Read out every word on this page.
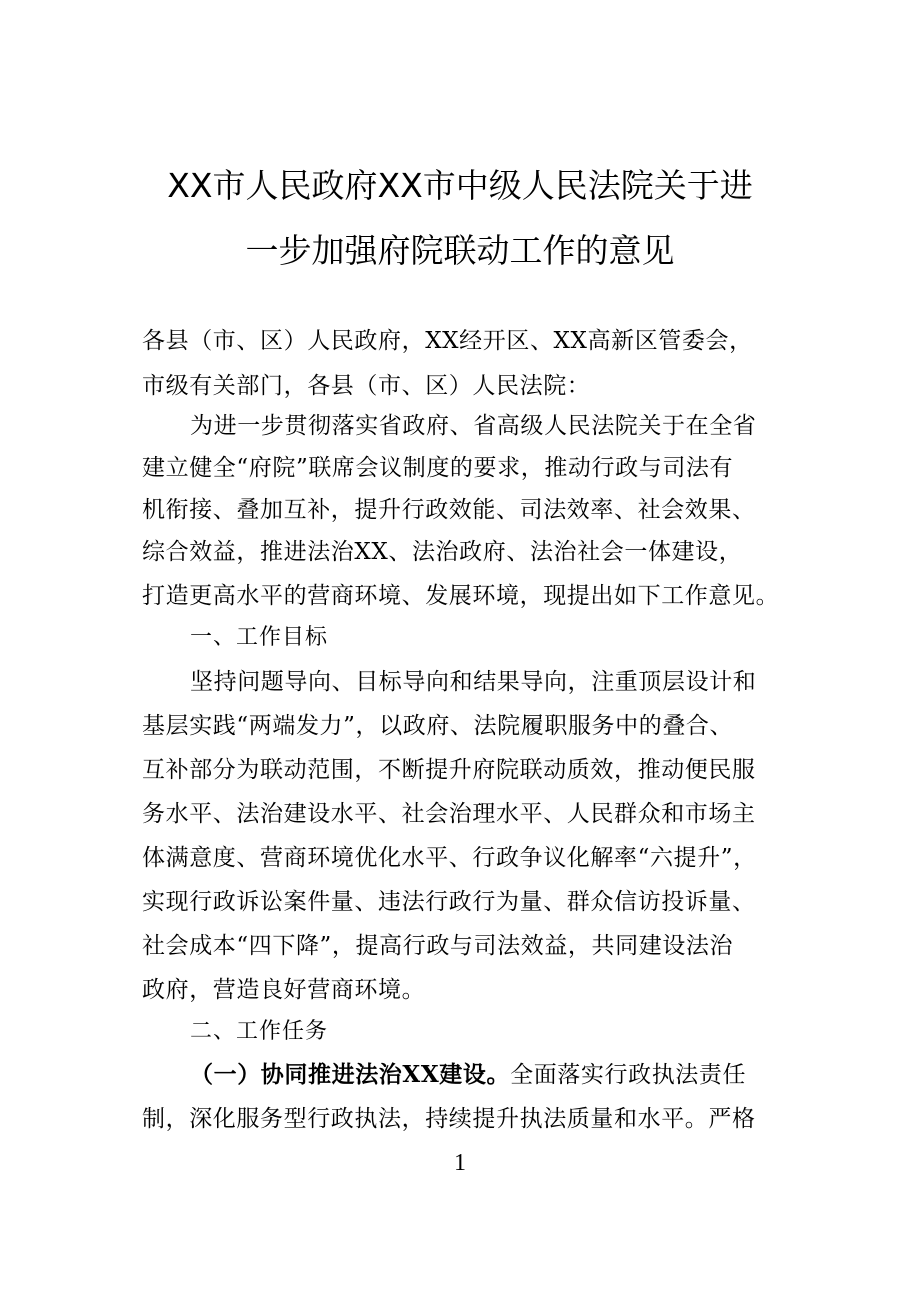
XX市人民政府XX市中级人民法院关于进
一步加强府院联动工作的意见
各县（市、区）人民政府，XX经开区、XX高新区管委会，
市级有关部门，各县（市、区）人民法院：
为进一步贯彻落实省政府、省高级人民法院关于在全省
建立健全“府院”联席会议制度的要求，推动行政与司法有
机衔接、叠加互补，提升行政效能、司法效率、社会效果、
综合效益，推进法治XX、法治政府、法治社会一体建设，
打造更高水平的营商环境、发展环境，现提出如下工作意见。
一、工作目标
坚持问题导向、目标导向和结果导向，注重顶层设计和
基层实践“两端发力”，以政府、法院履职服务中的叠合、
互补部分为联动范围，不断提升府院联动质效，推动便民服
务水平、法治建设水平、社会治理水平、人民群众和市场主
体满意度、营商环境优化水平、行政争议化解率“六提升”，
实现行政诉讼案件量、违法行政行为量、群众信访投诉量、
社会成本“四下降”，提高行政与司法效益，共同建设法治
政府，营造良好营商环境。
二、工作任务
（一）协同推进法治XX建设。全面落实行政执法责任
制，深化服务型行政执法，持续提升执法质量和水平。严格
1
